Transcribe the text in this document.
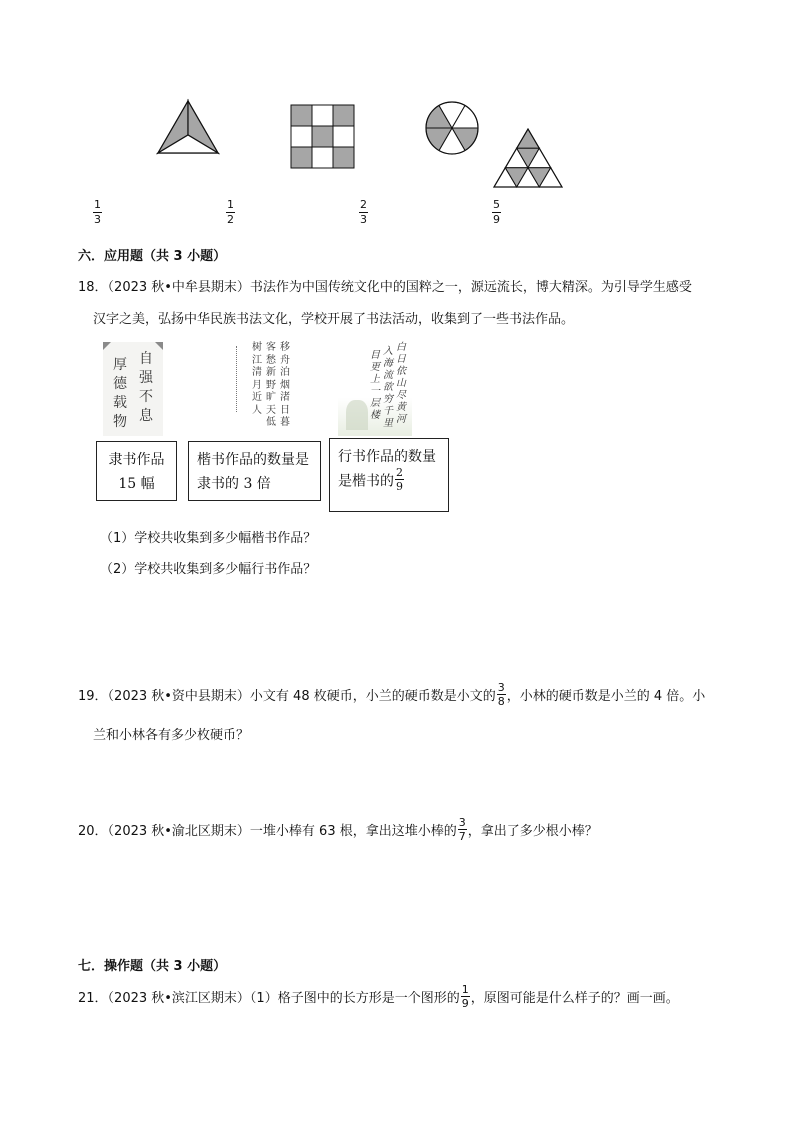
1
3
1
2
2
3
5
9
六．应用题（共 3 小题）
18．（2023 秋•中牟县期末）书法作为中国传统文化中的国粹之一，源远流长，博大精深。为引导学生感受
汉字之美，弘扬中华民族书法文化，学校开展了书法活动，收集到了一些书法作品。
自
强
不
息
厚
德
载
物
移
舟
泊
烟
渚
日
暮
客
愁
新
野
旷
天
低
树
江
清
月
近
人
白
日
依
山
尽
黄
河
入
海
流
欲
穷
千
里
目
更
上
一
层
楼
隶书作品
15 幅
楷书作品的数量是
隶书的 3 倍
行书作品的数量
是楷书的 $\frac{2}{9}$
（1）学校共收集到多少幅楷书作品？
（2）学校共收集到多少幅行书作品？
19．（2023 秋•资中县期末）小文有 48 枚硬币，小兰的硬币数是小文的 $\frac{3}{8}$ ，小林的硬币数是小兰的 4 倍。小
兰和小林各有多少枚硬币？
20．（2023 秋•渝北区期末）一堆小棒有 63 根，拿出这堆小棒的 $\frac{3}{7}$ ，拿出了多少根小棒？
七．操作题（共 3 小题）
21．（2023 秋•滨江区期末）（1）格子图中的长方形是一个图形的 $\frac{1}{9}$ ，原图可能是什么样子的？画一画。
